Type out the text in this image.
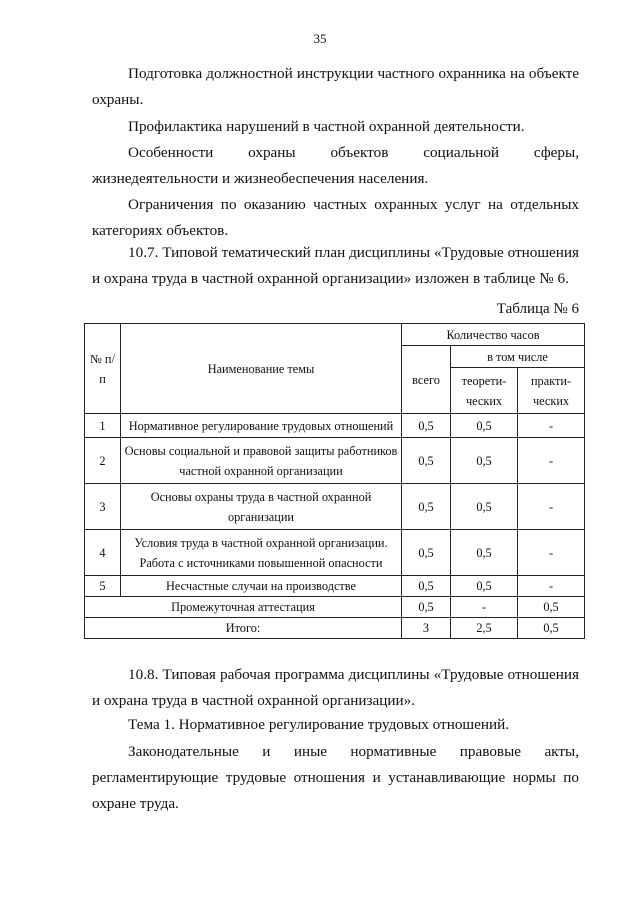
35

Подготовка должностной инструкции частного охранника на объекте охраны.

Профилактика нарушений в частной охранной деятельности.

Особенности охраны объектов социальной сферы, жизнедеятельности и жизнеобеспечения населения.

Ограничения по оказанию частных охранных услуг на отдельных категориях объектов.

10.7. Типовой тематический план дисциплины «Трудовые отношения и охрана труда в частной охранной организации» изложен в таблице № 6.

Таблица № 6
№ п/п	Наименование темы	Количество часов		
		всего	в том числе	
			теорети-ческих	практи-ческих
1	Нормативное регулирование трудовых отношений	0,5	0,5	-
2	Основы социальной и правовой защиты работников частной охранной организации	0,5	0,5	-
3	Основы охраны труда в частной охранной организации	0,5	0,5	-
4	Условия труда в частной охранной организации. Работа с источниками повышенной опасности	0,5	0,5	-
5	Несчастные случаи на производстве	0,5	0,5	-
Промежуточная аттестация		0,5	-	0,5
Итого:		3	2,5	0,5

10.8. Типовая рабочая программа дисциплины «Трудовые отношения и охрана труда в частной охранной организации».

Тема 1. Нормативное регулирование трудовых отношений.

Законодательные и иные нормативные правовые акты, регламентирующие трудовые отношения и устанавливающие нормы по охране труда.
